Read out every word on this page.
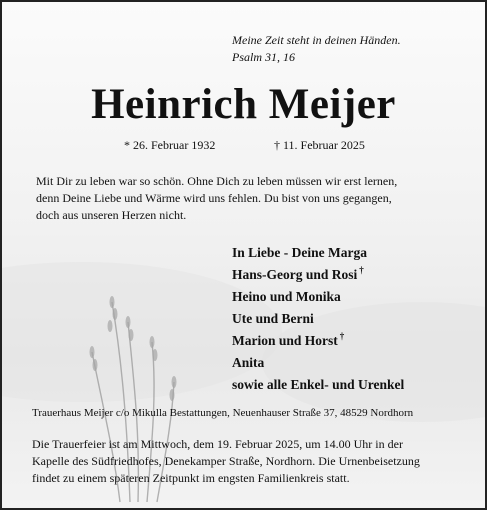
Meine Zeit steht in deinen Händen.
Psalm 31, 16
Heinrich Meijer
* 26. Februar 1932	† 11. Februar 2025
Mit Dir zu leben war so schön. Ohne Dich zu leben müssen wir erst lernen,
denn Deine Liebe und Wärme wird uns fehlen. Du bist von uns gegangen,
doch aus unseren Herzen nicht.
In Liebe - Deine Marga
Hans-Georg und Rosi †
Heino und Monika
Ute und Berni
Marion und Horst †
Anita
sowie alle Enkel- und Urenkel
Trauerhaus Meijer c/o Mikulla Bestattungen, Neuenhauser Straße 37, 48529 Nordhorn
Die Trauerfeier ist am Mittwoch, dem 19. Februar 2025, um 14.00 Uhr in der
Kapelle des Südfriedhofes, Denekamper Straße, Nordhorn. Die Urnenbeisetzung
findet zu einem späteren Zeitpunkt im engsten Familienkreis statt.
